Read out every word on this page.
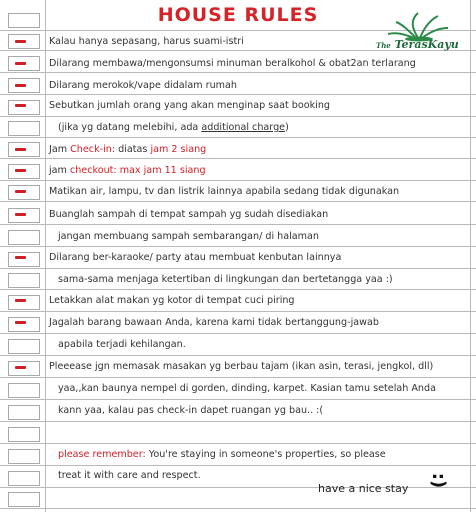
HOUSE RULES
The TerasKayu
Kalau hanya sepasang, harus suami-istri
Dilarang membawa/mengonsumsi minuman beralkohol & obat2an terlarang
Dilarang merokok/vape didalam rumah
Sebutkan jumlah orang yang akan menginap saat booking
(jika yg datang melebihi, ada additional charge)
Jam Check-in: diatas jam 2 siang
jam checkout: max jam 11 siang
Matikan air, lampu, tv dan listrik lainnya apabila sedang tidak digunakan
Buanglah sampah di tempat sampah yg sudah disediakan
jangan membuang sampah sembarangan/ di halaman
Dilarang ber-karaoke/ party atau membuat kenbutan lainnya
sama-sama menjaga ketertiban di lingkungan dan bertetangga yaa :)
Letakkan alat makan yg kotor di tempat cuci piring
Jagalah barang bawaan Anda, karena kami tidak bertanggung-jawab
apabila terjadi kehilangan.
Pleeease jgn memasak masakan yg berbau tajam (ikan asin, terasi, jengkol, dll)
yaa,,kan baunya nempel di gorden, dinding, karpet. Kasian tamu setelah Anda
kann yaa, kalau pas check-in dapet ruangan yg bau.. :(
please remember: You're staying in someone's properties, so please
treat it with care and respect.
have a nice stay
:)
